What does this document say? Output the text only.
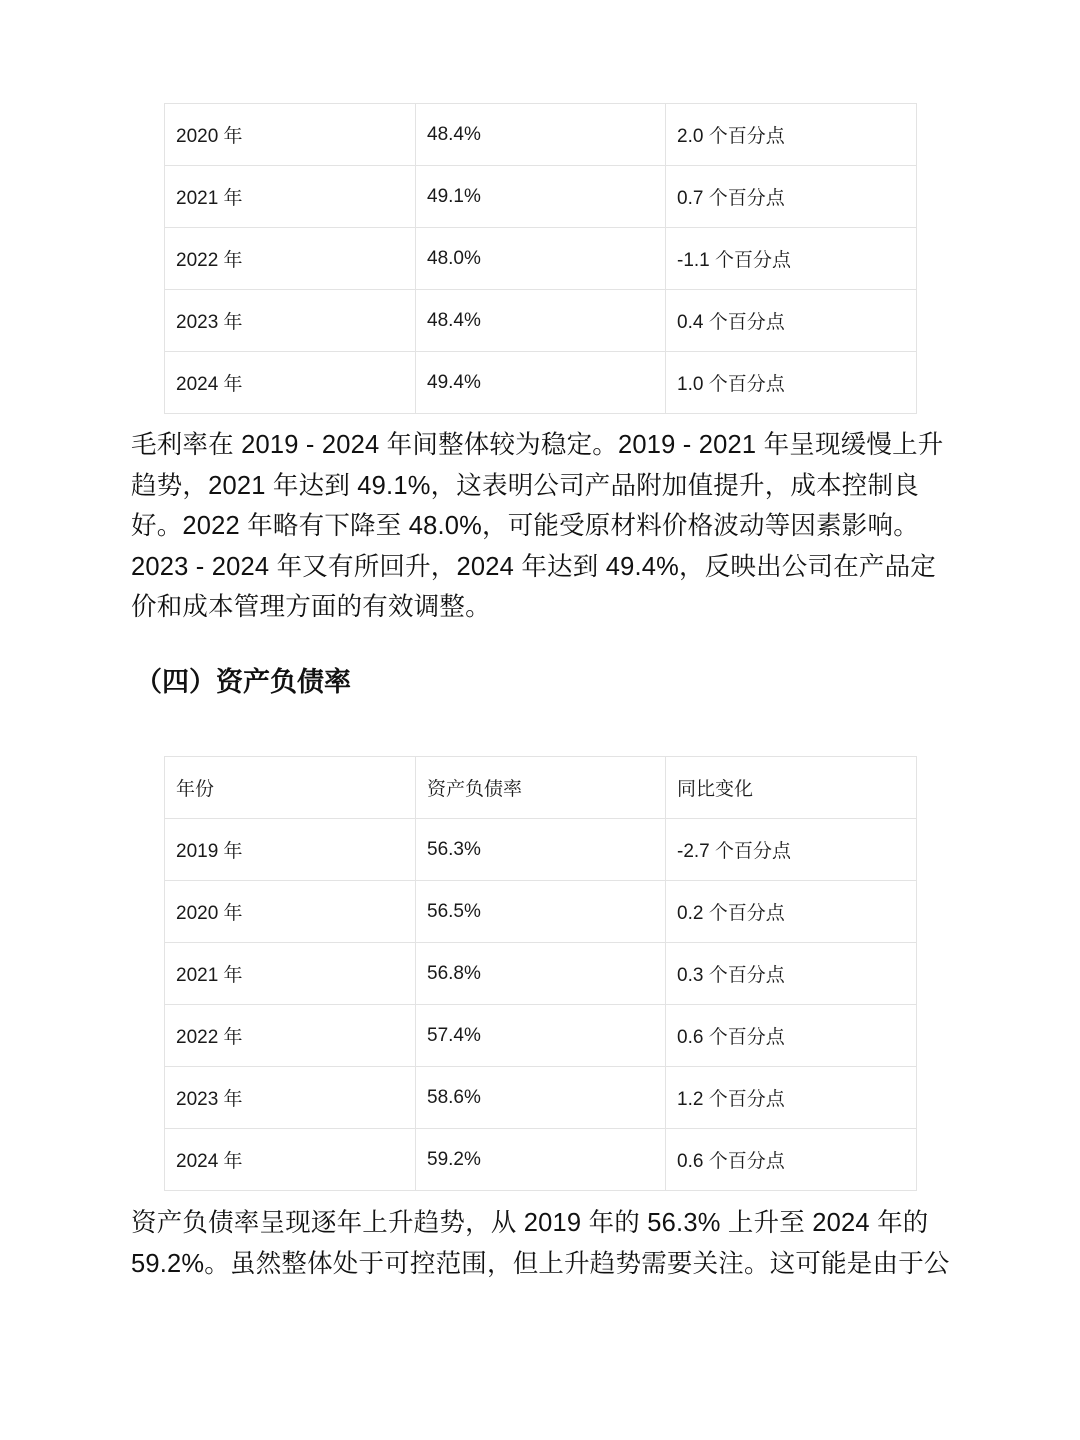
2020 年	48.4%	2.0 个百分点
2021 年	49.1%	0.7 个百分点
2022 年	48.0%	-1.1 个百分点
2023 年	48.4%	0.4 个百分点
2024 年	49.4%	1.0 个百分点

毛利率在 2019 - 2024 年间整体较为稳定。2019 - 2021 年呈现缓慢上升趋势，2021 年达到 49.1%，这表明公司产品附加值提升，成本控制良好。2022 年略有下降至 48.0%，可能受原材料价格波动等因素影响。2023 - 2024 年又有所回升，2024 年达到 49.4%，反映出公司在产品定价和成本管理方面的有效调整。

（四）资产负债率
年份	资产负债率	同比变化
2019 年	56.3%	-2.7 个百分点
2020 年	56.5%	0.2 个百分点
2021 年	56.8%	0.3 个百分点
2022 年	57.4%	0.6 个百分点
2023 年	58.6%	1.2 个百分点
2024 年	59.2%	0.6 个百分点

资产负债率呈现逐年上升趋势，从 2019 年的 56.3% 上升至 2024 年的 59.2%。虽然整体处于可控范围，但上升趋势需要关注。这可能是由于公
